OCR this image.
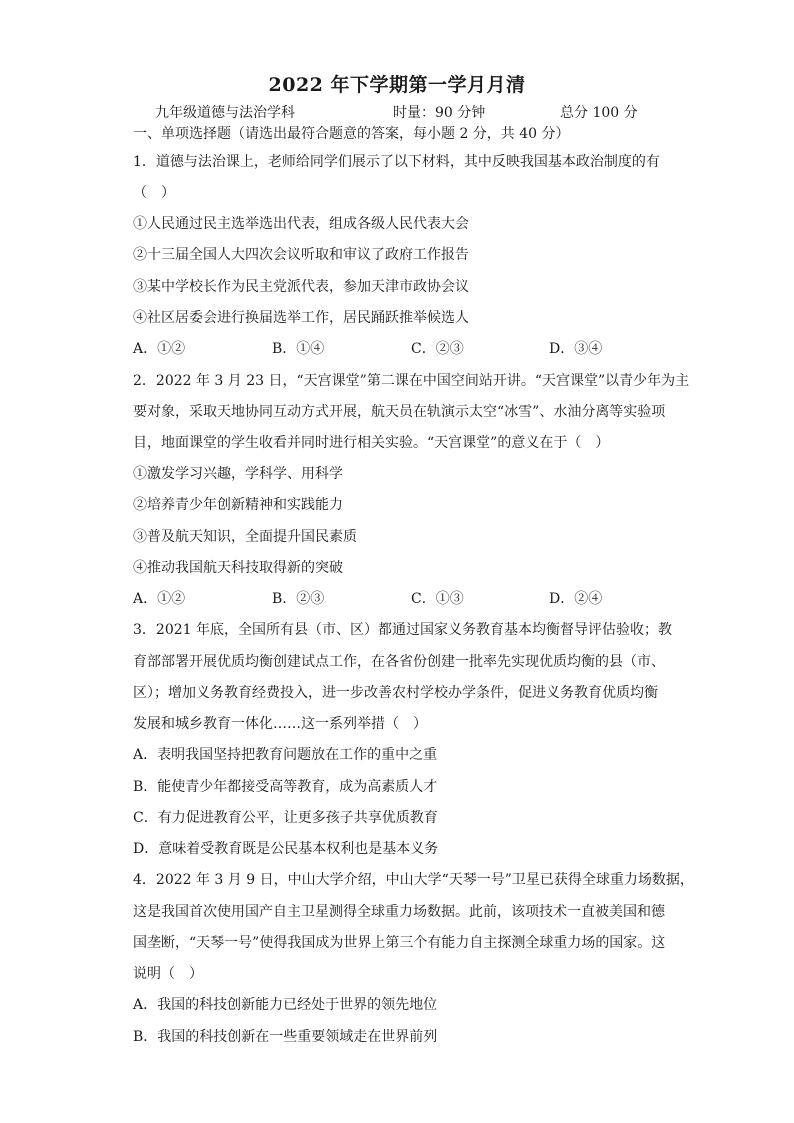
2022 年下学期第一学月月清
九年级道德与法治学科	时量：90 分钟	总分 100 分
一、单项选择题（请选出最符合题意的答案，每小题 2 分，共 40 分）
1．道德与法治课上，老师给同学们展示了以下材料，其中反映我国基本政治制度的有
（　）
①人民通过民主选举选出代表，组成各级人民代表大会
②十三届全国人大四次会议听取和审议了政府工作报告
③某中学校长作为民主党派代表，参加天津市政协会议
④社区居委会进行换届选举工作，居民踊跃推举候选人
A．①②	B．①④	C．②③	D．③④
2．2022 年 3 月 23 日，“天宫课堂”第二课在中国空间站开讲。“天宫课堂”以青少年为主
要对象，采取天地协同互动方式开展，航天员在轨演示太空“冰雪”、水油分离等实验项
目，地面课堂的学生收看并同时进行相关实验。“天宫课堂”的意义在于（　）
①激发学习兴趣，学科学、用科学
②培养青少年创新精神和实践能力
③普及航天知识，全面提升国民素质
④推动我国航天科技取得新的突破
A．①②	B．②③	C．①③	D．②④
3．2021 年底，全国所有县（市、区）都通过国家义务教育基本均衡督导评估验收；教
育部部署开展优质均衡创建试点工作，在各省份创建一批率先实现优质均衡的县（市、
区）；增加义务教育经费投入，进一步改善农村学校办学条件，促进义务教育优质均衡
发展和城乡教育一体化……这一系列举措（　）
A．表明我国坚持把教育问题放在工作的重中之重
B．能使青少年都接受高等教育，成为高素质人才
C．有力促进教育公平，让更多孩子共享优质教育
D．意味着受教育既是公民基本权利也是基本义务
4．2022 年 3 月 9 日，中山大学介绍，中山大学“天琴一号”卫星已获得全球重力场数据，
这是我国首次使用国产自主卫星测得全球重力场数据。此前，该项技术一直被美国和德
国垄断，“天琴一号”使得我国成为世界上第三个有能力自主探测全球重力场的国家。这
说明（　）
A．我国的科技创新能力已经处于世界的领先地位
B．我国的科技创新在一些重要领域走在世界前列
